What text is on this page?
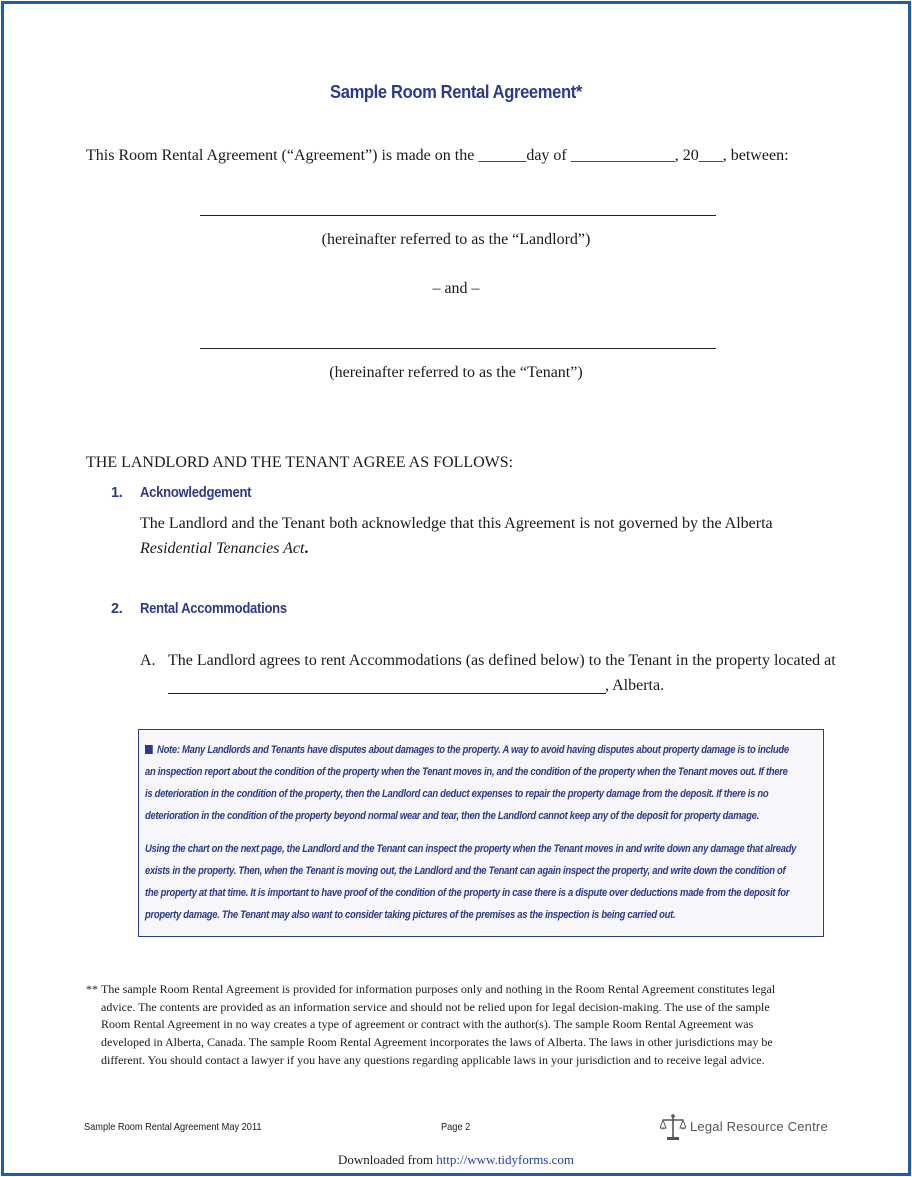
Sample Room Rental Agreement*

This Room Rental Agreement (“Agreement”) is made on the ______day of _____________, 20___, between:

(hereinafter referred to as the “Landlord”)

– and –

(hereinafter referred to as the “Tenant”)

THE LANDLORD AND THE TENANT AGREE AS FOLLOWS:

1. Acknowledgement

The Landlord and the Tenant both acknowledge that this Agreement is not governed by the Alberta

Residential Tenancies Act.

2. Rental Accommodations

A. The Landlord agrees to rent Accommodations (as defined below) to the Tenant in the property located at

, Alberta.

Note: Many Landlords and Tenants have disputes about damages to the property. A way to avoid having disputes about property damage is to include

an inspection report about the condition of the property when the Tenant moves in, and the condition of the property when the Tenant moves out. If there

is deterioration in the condition of the property, then the Landlord can deduct expenses to repair the property damage from the deposit. If there is no

deterioration in the condition of the property beyond normal wear and tear, then the Landlord cannot keep any of the deposit for property damage.

Using the chart on the next page, the Landlord and the Tenant can inspect the property when the Tenant moves in and write down any damage that already

exists in the property. Then, when the Tenant is moving out, the Landlord and the Tenant can again inspect the property, and write down the condition of

the property at that time. It is important to have proof of the condition of the property in case there is a dispute over deductions made from the deposit for

property damage. The Tenant may also want to consider taking pictures of the premises as the inspection is being carried out.

** The sample Room Rental Agreement is provided for information purposes only and nothing in the Room Rental Agreement constitutes legal

advice. The contents are provided as an information service and should not be relied upon for legal decision-making. The use of the sample

Room Rental Agreement in no way creates a type of agreement or contract with the author(s). The sample Room Rental Agreement was

developed in Alberta, Canada. The sample Room Rental Agreement incorporates the laws of Alberta. The laws in other jurisdictions may be

different. You should contact a lawyer if you have any questions regarding applicable laws in your jurisdiction and to receive legal advice.

Sample Room Rental Agreement May 2011	Page 2	Legal Resource Centre

Downloaded from http://www.tidyforms.com
